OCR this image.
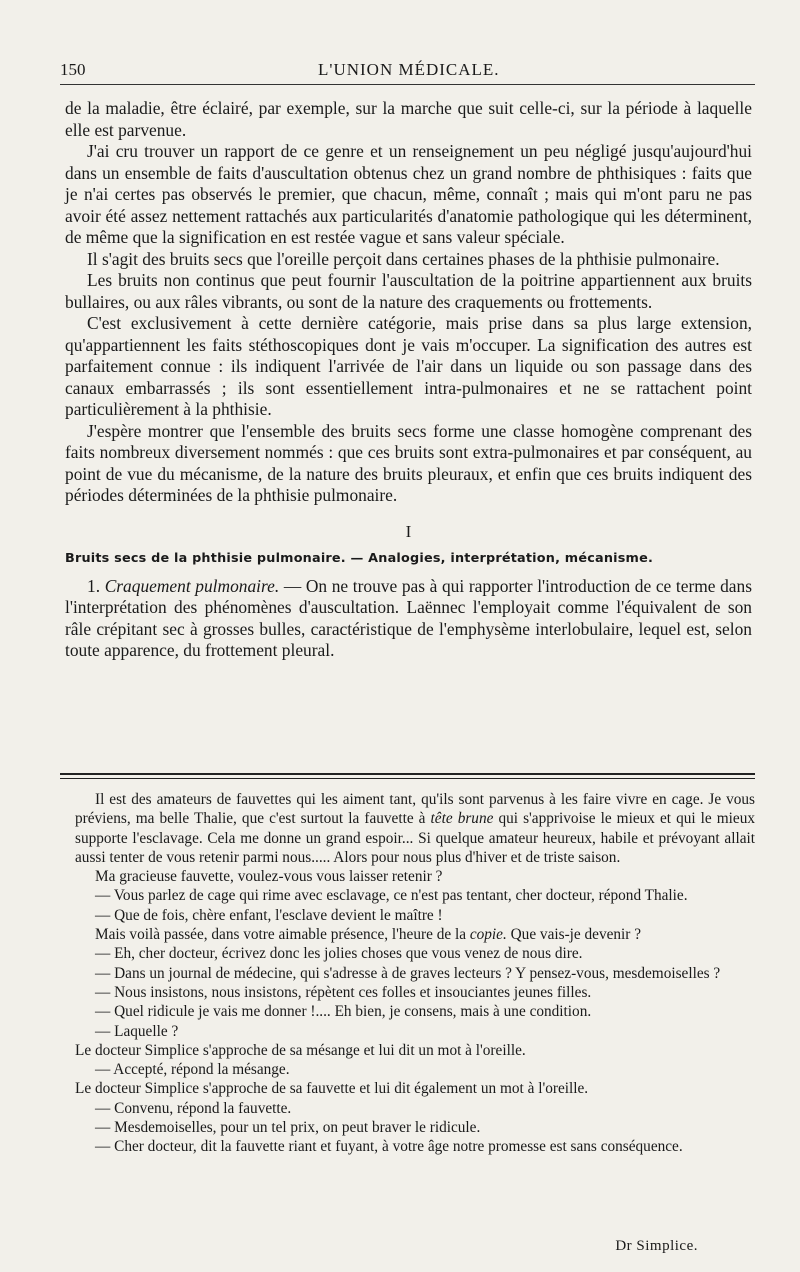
150	L'UNION MÉDICALE.

de la maladie, être éclairé, par exemple, sur la marche que suit celle-ci, sur la période à laquelle elle est parvenue.

J'ai cru trouver un rapport de ce genre et un renseignement un peu négligé jusqu'aujourd'hui dans un ensemble de faits d'auscultation obtenus chez un grand nombre de phthisiques : faits que je n'ai certes pas observés le premier, que chacun, même, connaît ; mais qui m'ont paru ne pas avoir été assez nettement rattachés aux particularités d'anatomie pathologique qui les déterminent, de même que la signification en est restée vague et sans valeur spéciale.

Il s'agit des bruits secs que l'oreille perçoit dans certaines phases de la phthisie pulmonaire.

Les bruits non continus que peut fournir l'auscultation de la poitrine appartiennent aux bruits bullaires, ou aux râles vibrants, ou sont de la nature des craquements ou frottements.

C'est exclusivement à cette dernière catégorie, mais prise dans sa plus large extension, qu'appartiennent les faits stéthoscopiques dont je vais m'occuper. La signification des autres est parfaitement connue : ils indiquent l'arrivée de l'air dans un liquide ou son passage dans des canaux embarrassés ; ils sont essentiellement intra-pulmonaires et ne se rattachent point particulièrement à la phthisie.

J'espère montrer que l'ensemble des bruits secs forme une classe homogène comprenant des faits nombreux diversement nommés : que ces bruits sont extra-pulmonaires et par conséquent, au point de vue du mécanisme, de la nature des bruits pleuraux, et enfin que ces bruits indiquent des périodes déterminées de la phthisie pulmonaire.

I

Bruits secs de la phthisie pulmonaire. — Analogies, interprétation, mécanisme.

1. Craquement pulmonaire. — On ne trouve pas à qui rapporter l'introduction de ce terme dans l'interprétation des phénomènes d'auscultation. Laënnec l'employait comme l'équivalent de son râle crépitant sec à grosses bulles, caractéristique de l'emphysème interlobulaire, lequel est, selon toute apparence, du frottement pleural.

Il est des amateurs de fauvettes qui les aiment tant, qu'ils sont parvenus à les faire vivre en cage. Je vous préviens, ma belle Thalie, que c'est surtout la fauvette à tête brune qui s'apprivoise le mieux et qui le mieux supporte l'esclavage. Cela me donne un grand espoir... Si quelque amateur heureux, habile et prévoyant allait aussi tenter de vous retenir parmi nous..... Alors pour nous plus d'hiver et de triste saison.

Ma gracieuse fauvette, voulez-vous vous laisser retenir ?

— Vous parlez de cage qui rime avec esclavage, ce n'est pas tentant, cher docteur, répond Thalie.

— Que de fois, chère enfant, l'esclave devient le maître !

Mais voilà passée, dans votre aimable présence, l'heure de la copie. Que vais-je devenir ?

— Eh, cher docteur, écrivez donc les jolies choses que vous venez de nous dire.

— Dans un journal de médecine, qui s'adresse à de graves lecteurs ? Y pensez-vous, mesdemoiselles ?

— Nous insistons, nous insistons, répètent ces folles et insouciantes jeunes filles.

— Quel ridicule je vais me donner !.... Eh bien, je consens, mais à une condition.

— Laquelle ?

Le docteur Simplice s'approche de sa mésange et lui dit un mot à l'oreille.

— Accepté, répond la mésange.

Le docteur Simplice s'approche de sa fauvette et lui dit également un mot à l'oreille.

— Convenu, répond la fauvette.

— Mesdemoiselles, pour un tel prix, on peut braver le ridicule.

— Cher docteur, dit la fauvette riant et fuyant, à votre âge notre promesse est sans conséquence.

Dr Simplice.
